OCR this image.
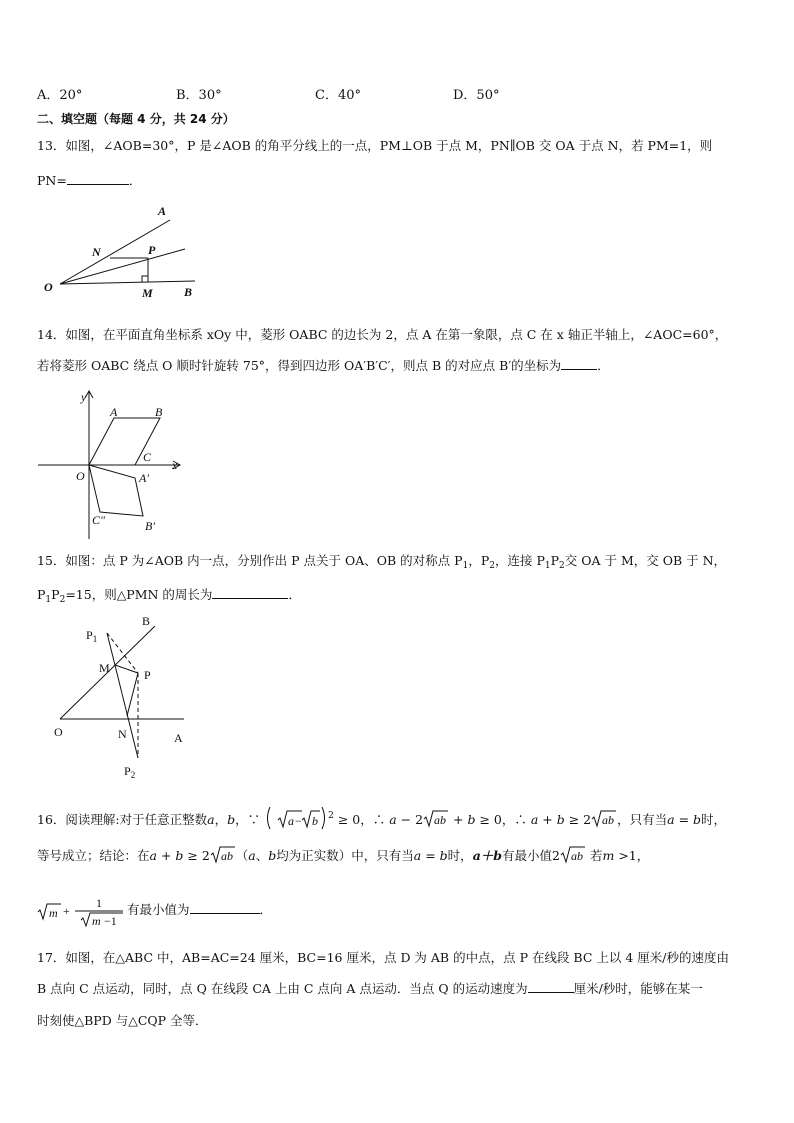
A．20°	B．30°	C．40°	D．50°
二、填空题（每题 4 分，共 24 分）
13．如图，∠AOB=30°，P 是∠AOB 的角平分线上的一点，PM⊥OB 于点 M，PN∥OB 交 OA 于点 N，若 PM=1，则
PN=	．
A
N	P
O	M	B
14．如图，在平面直角坐标系 xOy 中，菱形 OABC 的边长为 2，点 A 在第一象限，点 C 在 x 轴正半轴上，∠AOC=60°，
若将菱形 OABC 绕点 O 顺时针旋转 75°，得到四边形 OA′B′C′，则点 B 的对应点 B′的坐标为	．
y
x
A	B
C
O	A′
B′
C″
15．如图：点 P 为∠AOB 内一点，分别作出 P 点关于 OA、OB 的对称点 $P_1$，$P_2$，连接 $P_1P_2$交 OA 于 M，交 OB 于 N，
$P_1P_2=15$，则△PMN 的周长为	．
$P_1$
B
M	P
O	N	A
$P_2$
16．阅读理解:对于任意正整数a，b，∵ a − b $^2$ ≥ 0，∴ a − 2 ab + b ≥ 0，∴ a + b ≥ 2 ab ，只有当a = b时，
等号成立；结论：在a + b ≥ 2 ab （a、b均为正实数）中，只有当a = b时，a＋b有最小值2 ab 若m >1，
m +
1
m −1
有最小值为	．
17．如图，在△ABC 中，AB=AC=24 厘米，BC=16 厘米，点 D 为 AB 的中点，点 P 在线段 BC 上以 4 厘米/秒的速度由
B 点向 C 点运动，同时，点 Q 在线段 CA 上由 C 点向 A 点运动．当点 Q 的运动速度为	厘米/秒时，能够在某一
时刻使△BPD 与△CQP 全等．
